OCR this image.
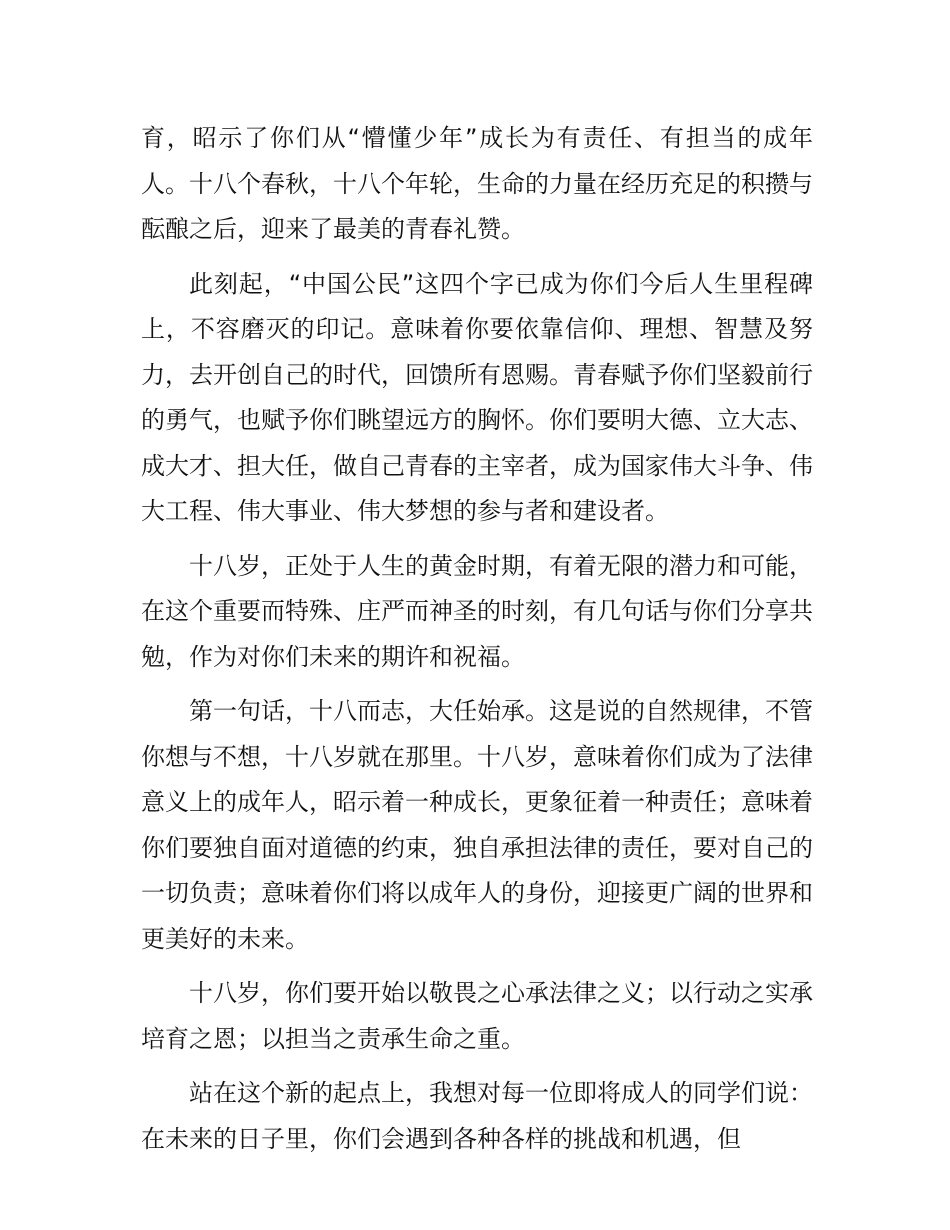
育，昭示了你们从“懵懂少年”成长为有责任、有担当的成年人。十八个春秋，十八个年轮，生命的力量在经历充足的积攒与酝酿之后，迎来了最美的青春礼赞。

此刻起，“中国公民”这四个字已成为你们今后人生里程碑上，不容磨灭的印记。意味着你要依靠信仰、理想、智慧及努力，去开创自己的时代，回馈所有恩赐。青春赋予你们坚毅前行的勇气，也赋予你们眺望远方的胸怀。你们要明大德、立大志、成大才、担大任，做自己青春的主宰者，成为国家伟大斗争、伟大工程、伟大事业、伟大梦想的参与者和建设者。

十八岁，正处于人生的黄金时期，有着无限的潜力和可能，在这个重要而特殊、庄严而神圣的时刻，有几句话与你们分享共勉，作为对你们未来的期许和祝福。

第一句话，十八而志，大任始承。这是说的自然规律，不管你想与不想，十八岁就在那里。十八岁，意味着你们成为了法律意义上的成年人，昭示着一种成长，更象征着一种责任；意味着你们要独自面对道德的约束，独自承担法律的责任，要对自己的一切负责；意味着你们将以成年人的身份，迎接更广阔的世界和更美好的未来。

十八岁，你们要开始以敬畏之心承法律之义；以行动之实承培育之恩；以担当之责承生命之重。

站在这个新的起点上，我想对每一位即将成人的同学们说：在未来的日子里，你们会遇到各种各样的挑战和机遇，但
